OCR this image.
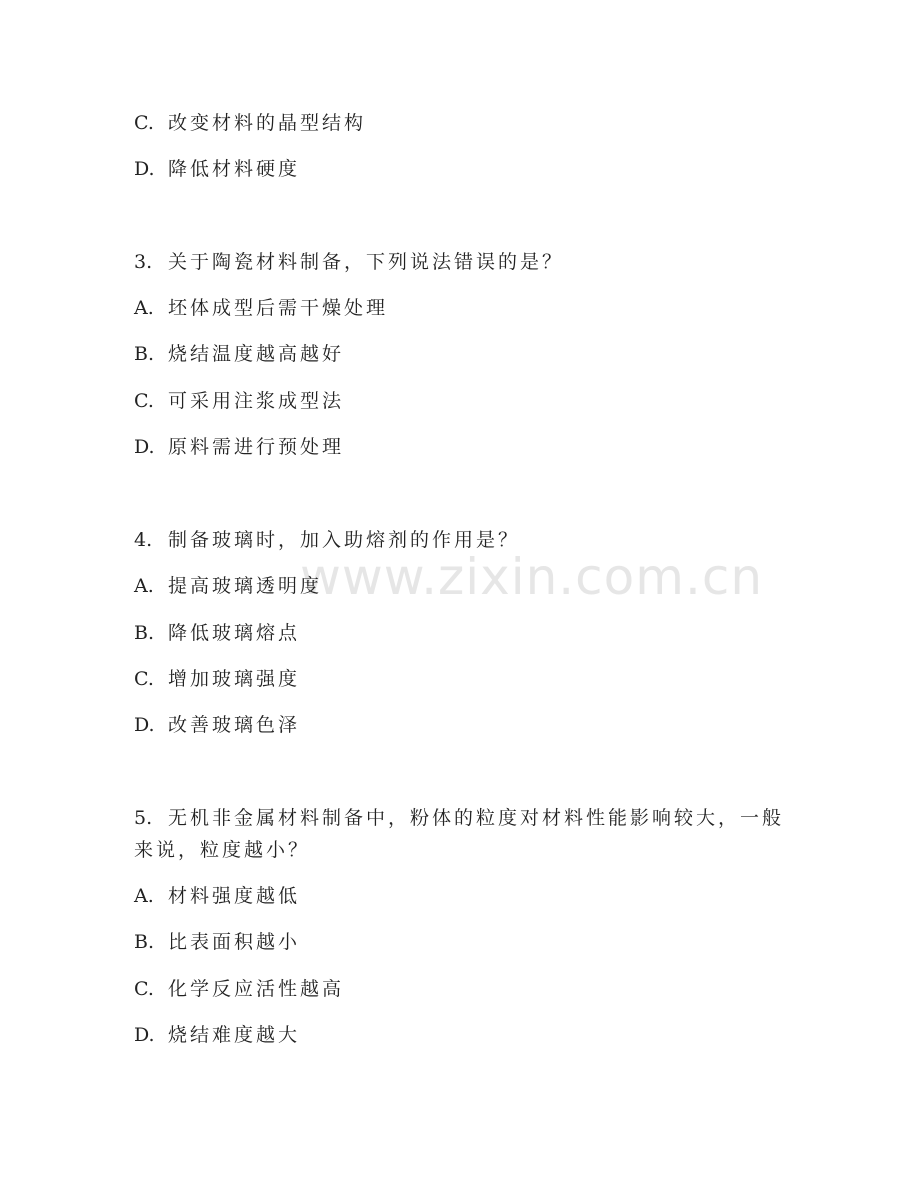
www.zixin.com.cn
C. 改变材料的晶型结构
D. 降低材料硬度
3. 关于陶瓷材料制备，下列说法错误的是？
A. 坯体成型后需干燥处理
B. 烧结温度越高越好
C. 可采用注浆成型法
D. 原料需进行预处理
4. 制备玻璃时，加入助熔剂的作用是？
A. 提高玻璃透明度
B. 降低玻璃熔点
C. 增加玻璃强度
D. 改善玻璃色泽
5. 无机非金属材料制备中，粉体的粒度对材料性能影响较大，一般来说，粒度越小？
A. 材料强度越低
B. 比表面积越小
C. 化学反应活性越高
D. 烧结难度越大
